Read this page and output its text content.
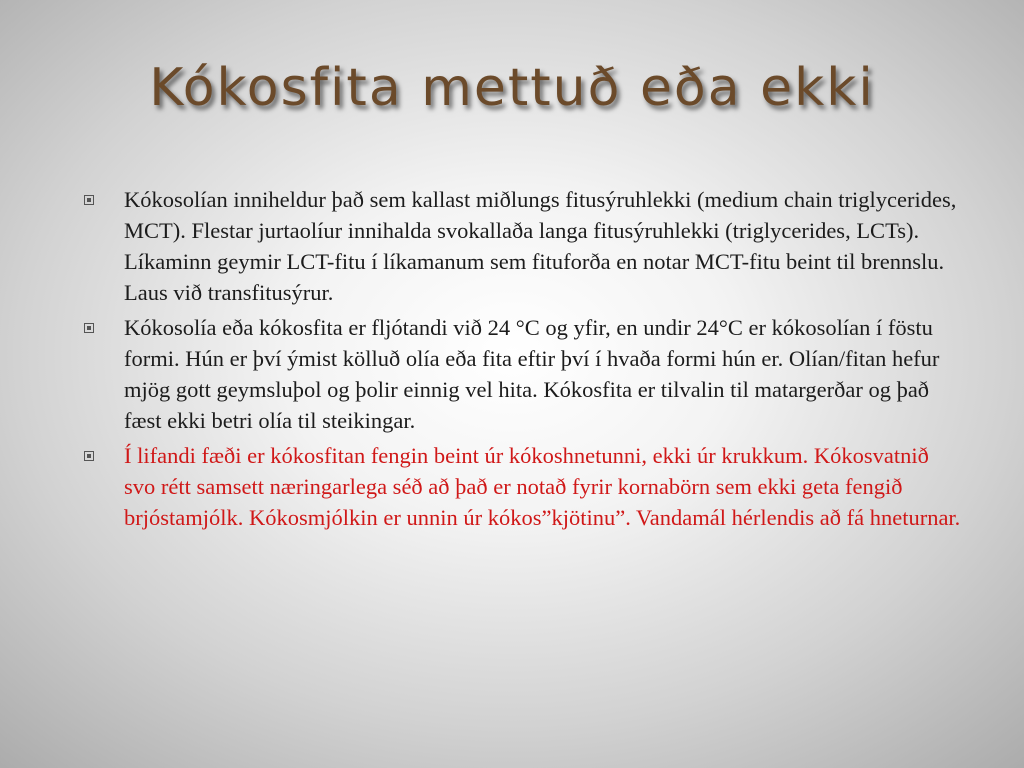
Kókosfita mettuð eða ekki
Kókosolían inniheldur það sem kallast miðlungs fitusýruhlekki (medium chain triglycerides, MCT). Flestar jurtaolíur innihalda svokallaða langa fitusýruhlekki (triglycerides, LCTs). Líkaminn geymir LCT-fitu í líkamanum sem fituforða en notar MCT-fitu beint til brennslu. Laus við transfitusýrur.
Kókosolía eða kókosfita er fljótandi við 24 °C og yfir, en undir 24°C er kókosolían í föstu formi. Hún er því ýmist kölluð olía eða fita eftir því í hvaða formi hún er. Olían/fitan hefur mjög gott geymsluþol og þolir einnig vel hita. Kókosfita er tilvalin til matargerðar og það fæst ekki betri olía til steikingar.
Í lifandi fæði er kókosfitan fengin beint úr kókoshnetunni, ekki úr krukkum. Kókosvatnið svo rétt samsett næringarlega séð að það er notað fyrir kornabörn sem ekki geta fengið brjóstamjólk. Kókosmjólkin er unnin úr kókos”kjötinu”. Vandamál hérlendis að fá hneturnar.
